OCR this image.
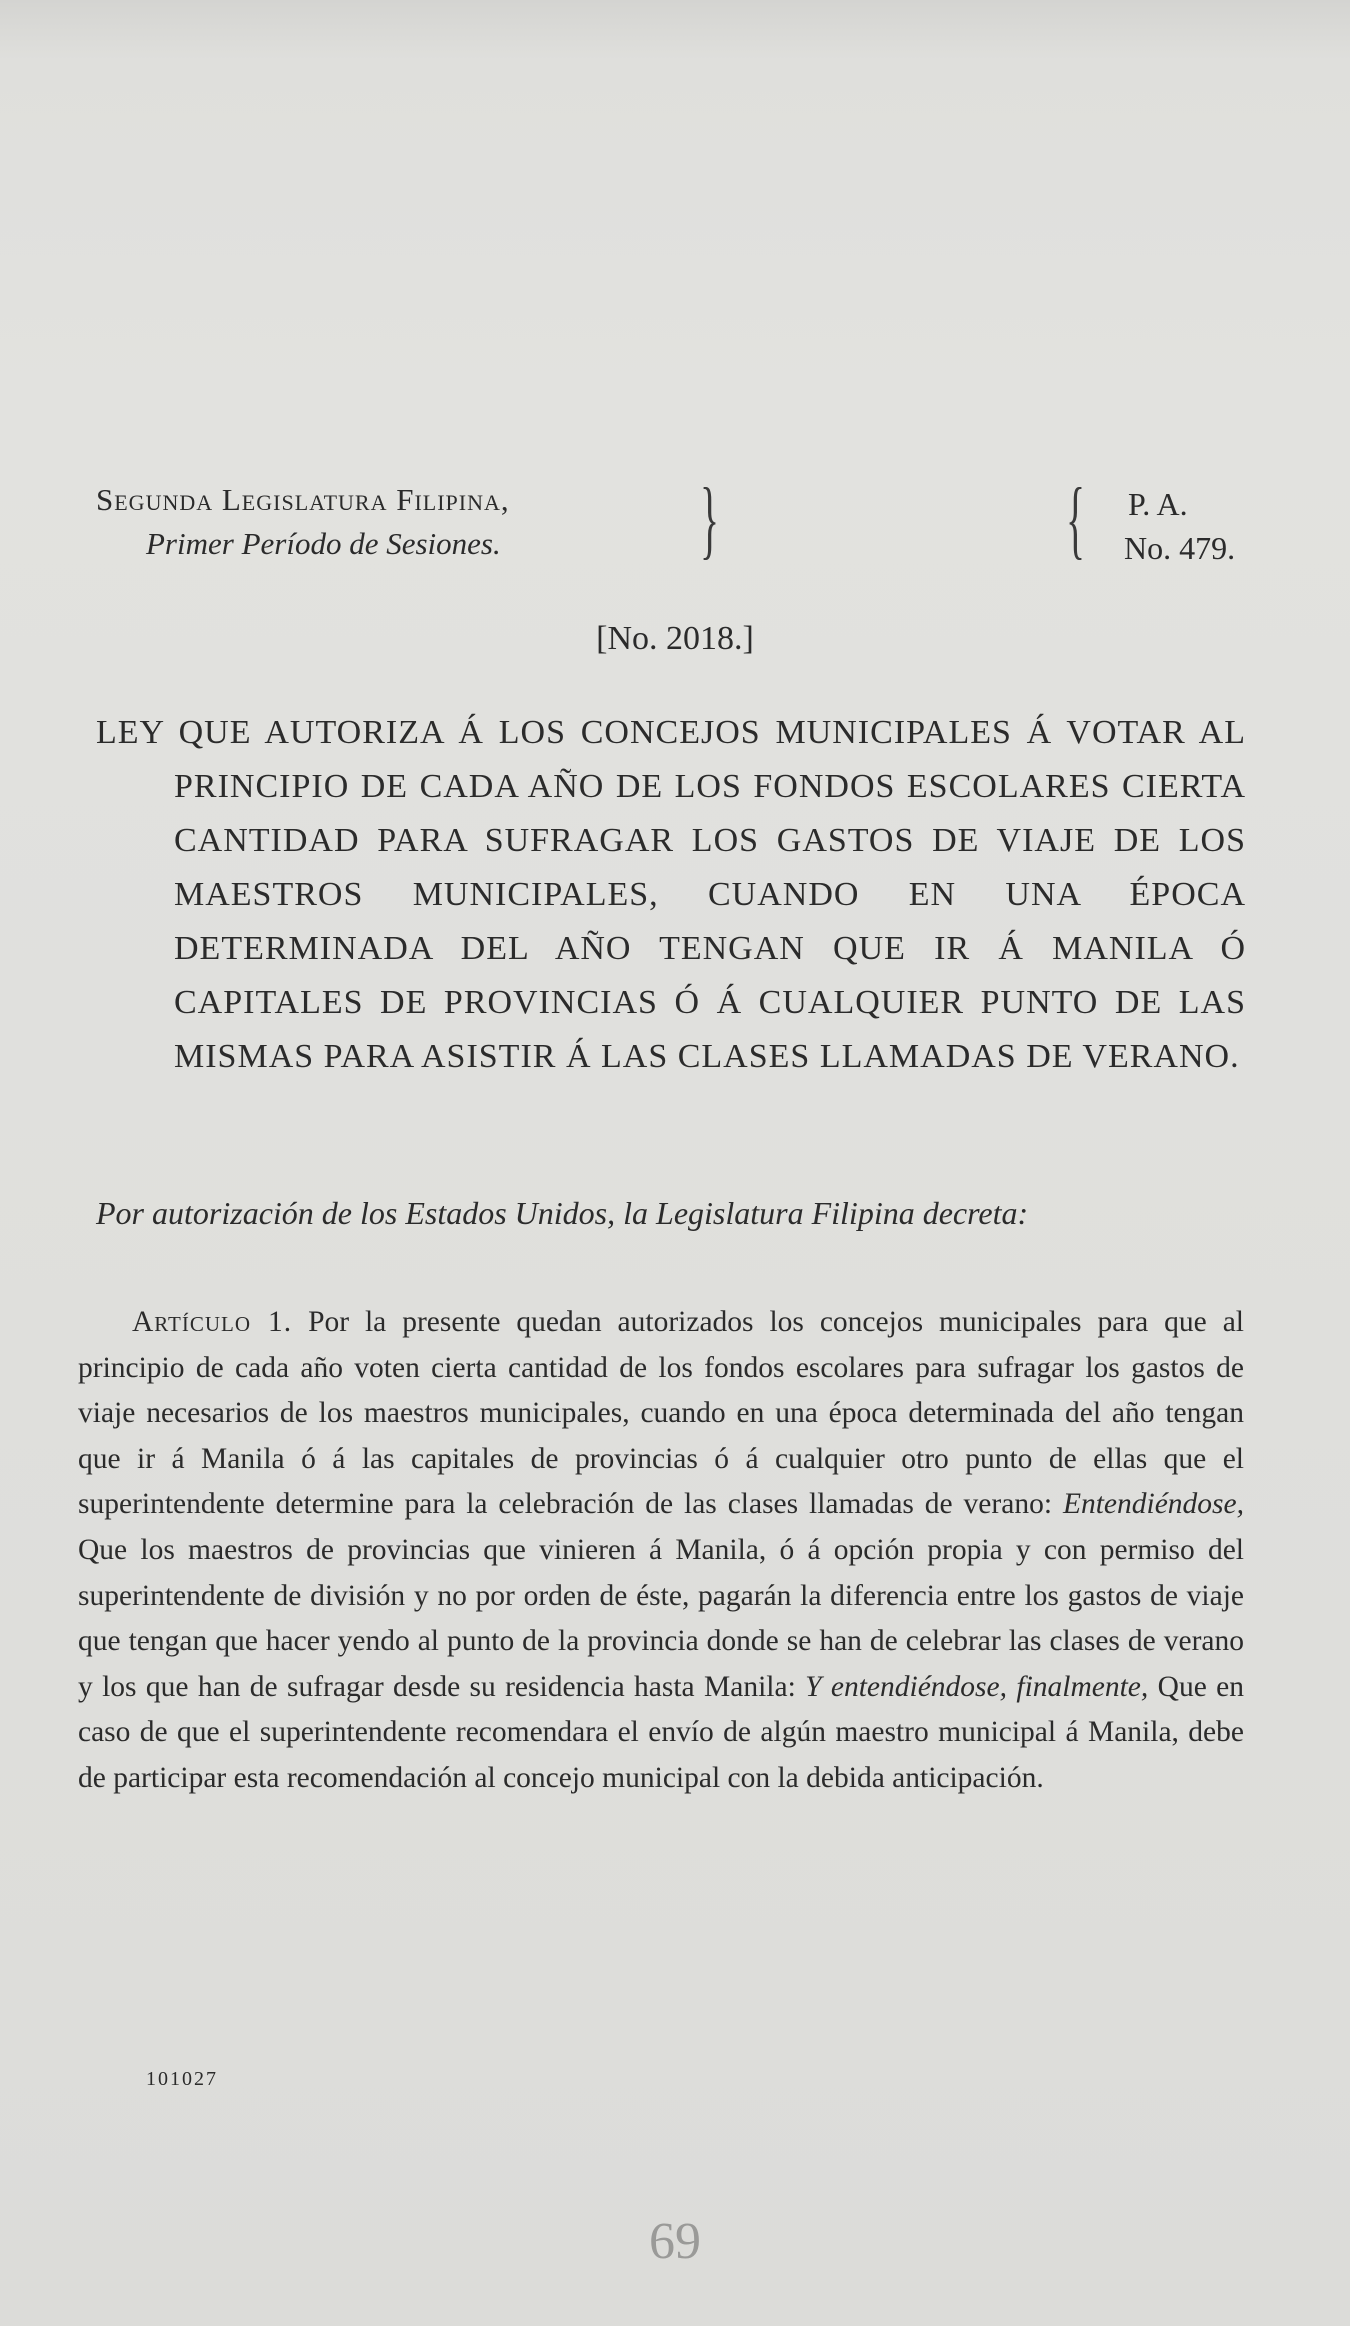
Segunda Legislatura Filipina,
Primer Período de Sesiones. }	{ P. A.
No. 479.
[No. 2018.]
LEY QUE AUTORIZA Á LOS CONCEJOS MUNICIPALES Á VOTAR AL PRINCIPIO DE CADA AÑO DE LOS FONDOS ESCOLARES CIERTA CANTIDAD PARA SUFRAGAR LOS GASTOS DE VIAJE DE LOS MAESTROS MUNICIPALES, CUANDO EN UNA ÉPOCA DETERMINADA DEL AÑO TENGAN QUE IR Á MANILA Ó CAPITALES DE PROVINCIAS Ó Á CUALQUIER PUNTO DE LAS MISMAS PARA ASISTIR Á LAS CLASES LLAMADAS DE VERANO.
Por autorización de los Estados Unidos, la Legislatura Filipina decreta:
Artículo 1. Por la presente quedan autorizados los concejos municipales para que al principio de cada año voten cierta cantidad de los fondos escolares para sufragar los gastos de viaje necesarios de los maestros municipales, cuando en una época determinada del año tengan que ir á Manila ó á las capitales de provincias ó á cualquier otro punto de ellas que el superintendente determine para la celebración de las clases llamadas de verano: Entendiéndose, Que los maestros de provincias que vinieren á Manila, ó á opción propia y con permiso del superintendente de división y no por orden de éste, pagarán la diferencia entre los gastos de viaje que tengan que hacer yendo al punto de la provincia donde se han de celebrar las clases de verano y los que han de sufragar desde su residencia hasta Manila: Y entendiéndose, finalmente, Que en caso de que el superintendente recomendara el envío de algún maestro municipal á Manila, debe de participar esta recomendación al concejo municipal con la debida anticipación.
101027
69
